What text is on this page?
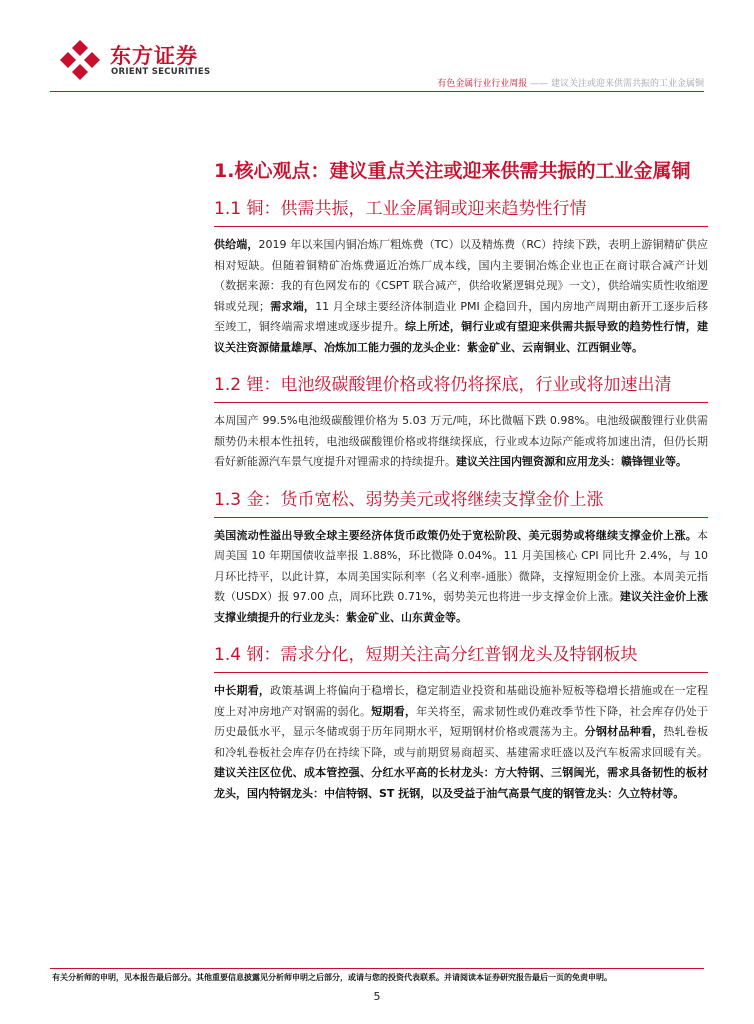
东方证券
ORIENT SECURITIES
有色金属行业行业周报 —— 建议关注或迎来供需共振的工业金属铜
1.核心观点：建议重点关注或迎来供需共振的工业金属铜
1.1 铜：供需共振，工业金属铜或迎来趋势性行情

供给端，2019 年以来国内铜冶炼厂粗炼费（TC）以及精炼费（RC）持续下跌，表明上游铜精矿供应相对短缺。但随着铜精矿冶炼费逼近冶炼厂成本线，国内主要铜冶炼企业也正在商讨联合减产计划（数据来源：我的有色网发布的《CSPT 联合减产，供给收紧逻辑兑现》一文），供给端实质性收缩逻辑或兑现；需求端，11 月全球主要经济体制造业 PMI 企稳回升，国内房地产周期由新开工逐步后移至竣工，铜终端需求增速或逐步提升。综上所述，铜行业或有望迎来供需共振导致的趋势性行情，建议关注资源储量雄厚、冶炼加工能力强的龙头企业：紫金矿业、云南铜业、江西铜业等。

1.2 锂：电池级碳酸锂价格或将仍将探底，行业或将加速出清

本周国产 99.5%电池级碳酸锂价格为 5.03 万元/吨，环比微幅下跌 0.98%。电池级碳酸锂行业供需颓势仍未根本性扭转，电池级碳酸锂价格或将继续探底，行业或本边际产能或将加速出清，但仍长期看好新能源汽车景气度提升对锂需求的持续提升。建议关注国内锂资源和应用龙头：赣锋锂业等。

1.3 金：货币宽松、弱势美元或将继续支撑金价上涨

美国流动性溢出导致全球主要经济体货币政策仍处于宽松阶段、美元弱势或将继续支撑金价上涨。本周美国 10 年期国债收益率报 1.88%，环比微降 0.04%。11 月美国核心 CPI 同比升 2.4%，与 10 月环比持平，以此计算，本周美国实际利率（名义利率-通胀）微降，支撑短期金价上涨。本周美元指数（USDX）报 97.00 点，周环比跌 0.71%，弱势美元也将进一步支撑金价上涨。建议关注金价上涨支撑业绩提升的行业龙头：紫金矿业、山东黄金等。

1.4 钢：需求分化，短期关注高分红普钢龙头及特钢板块

中长期看，政策基调上将偏向于稳增长，稳定制造业投资和基础设施补短板等稳增长措施或在一定程度上对冲房地产对钢需的弱化。短期看，年关将至，需求韧性或仍难改季节性下降，社会库存仍处于历史最低水平，显示冬储或弱于历年同期水平，短期钢材价格或震荡为主。分钢材品种看，热轧卷板和冷轧卷板社会库存仍在持续下降，或与前期贸易商超买、基建需求旺盛以及汽车板需求回暖有关。建议关注区位优、成本管控强、分红水平高的长材龙头：方大特钢、三钢闽光，需求具备韧性的板材龙头，国内特钢龙头：中信特钢、ST 抚钢，以及受益于油气高景气度的钢管龙头：久立特材等。

有关分析师的申明，见本报告最后部分。其他重要信息披露见分析师申明之后部分，或请与您的投资代表联系。并请阅读本证券研究报告最后一页的免责申明。
5
